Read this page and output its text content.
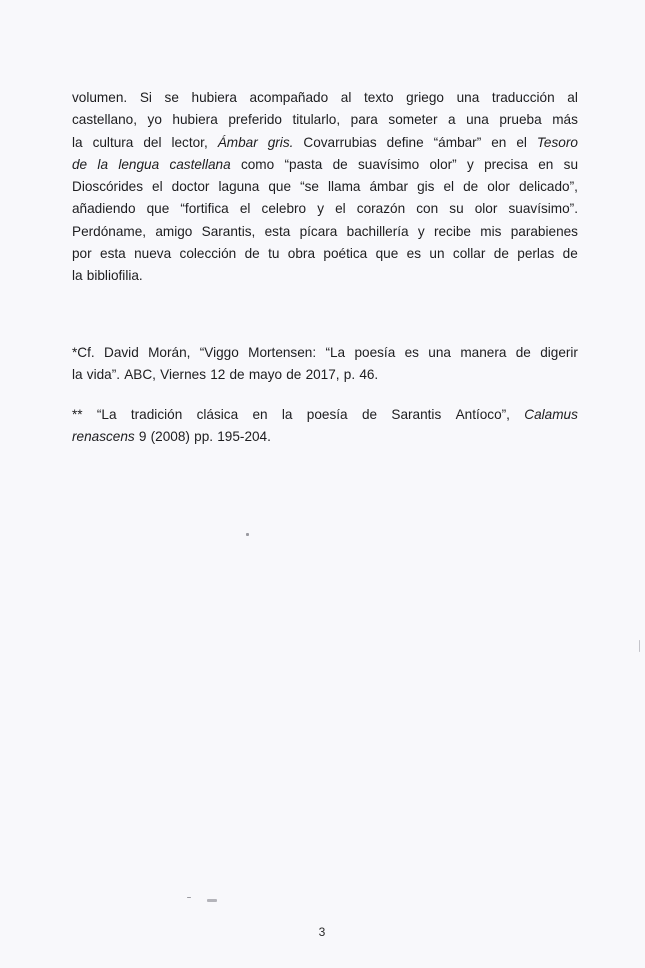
volumen. Si se hubiera acompañado al texto griego una traducción al
castellano, yo hubiera preferido titularlo, para someter a una prueba más
la cultura del lector, Ámbar gris. Covarrubias define “ámbar” en el Tesoro
de la lengua castellana como “pasta de suavísimo olor” y precisa en su
Dioscórides el doctor laguna que “se llama ámbar gis el de olor delicado”,
añadiendo que “fortifica el celebro y el corazón con su olor suavísimo”.
Perdóname, amigo Sarantis, esta pícara bachillería y recibe mis parabienes
por esta nueva colección de tu obra poética que es un collar de perlas de
la bibliofilia.
*Cf. David Morán, “Viggo Mortensen: “La poesía es una manera de digerir
la vida”. ABC, Viernes 12 de mayo de 2017, p. 46.
** “La tradición clásica en la poesía de Sarantis Antíoco”, Calamus
renascens 9 (2008) pp. 195-204.
3
